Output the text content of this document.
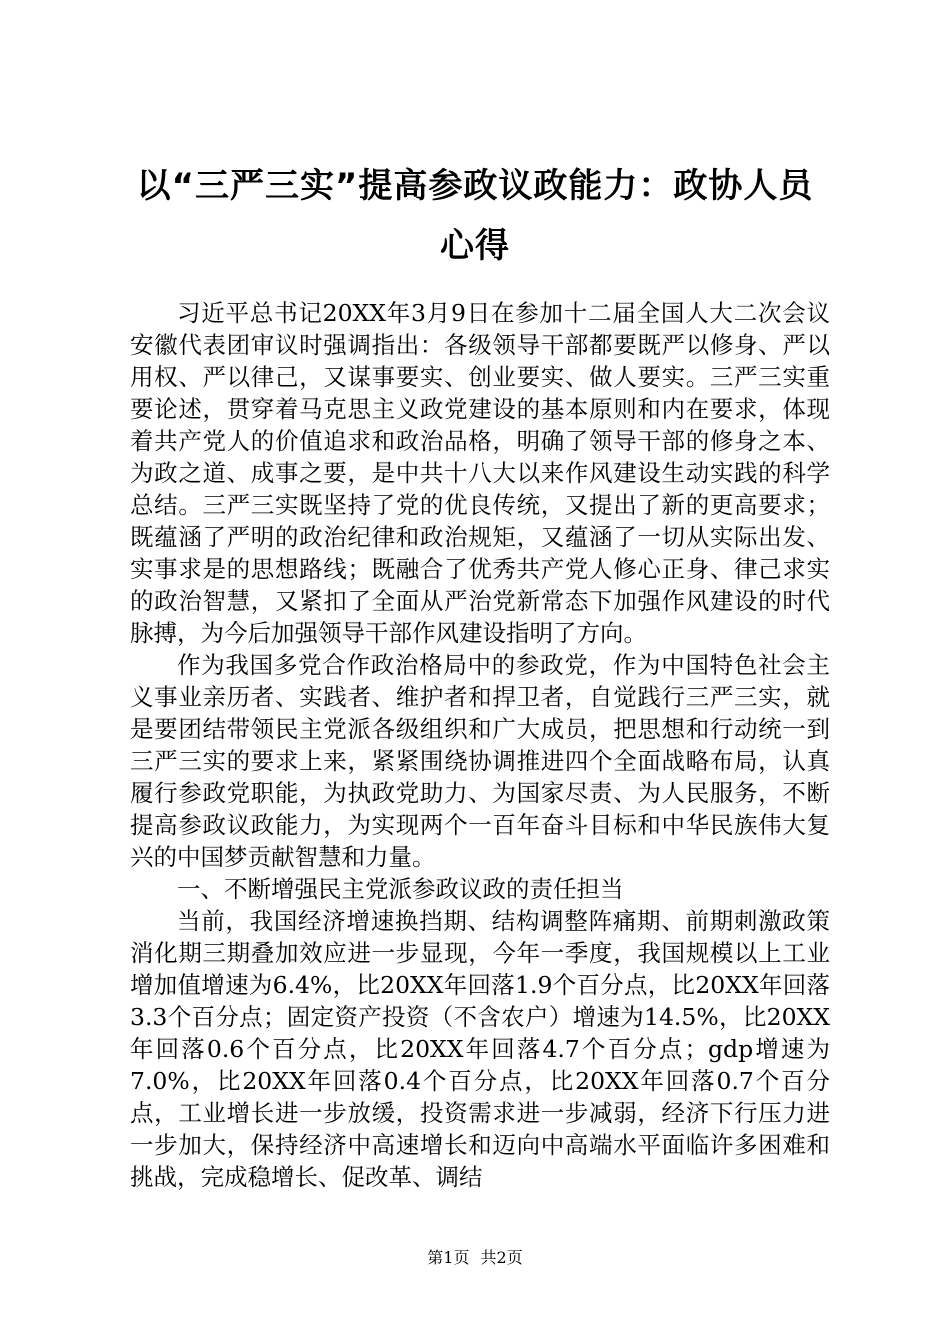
以“三严三实”提高参政议政能力：政协人员心得

习近平总书记20XX年3月9日在参加十二届全国人大二次会议安徽代表团审议时强调指出：各级领导干部都要既严以修身、严以用权、严以律己，又谋事要实、创业要实、做人要实。三严三实重要论述，贯穿着马克思主义政党建设的基本原则和内在要求，体现着共产党人的价值追求和政治品格，明确了领导干部的修身之本、为政之道、成事之要，是中共十八大以来作风建设生动实践的科学总结。三严三实既坚持了党的优良传统，又提出了新的更高要求；既蕴涵了严明的政治纪律和政治规矩，又蕴涵了一切从实际出发、实事求是的思想路线；既融合了优秀共产党人修心正身、律己求实的政治智慧，又紧扣了全面从严治党新常态下加强作风建设的时代脉搏，为今后加强领导干部作风建设指明了方向。

作为我国多党合作政治格局中的参政党，作为中国特色社会主义事业亲历者、实践者、维护者和捍卫者，自觉践行三严三实，就是要团结带领民主党派各级组织和广大成员，把思想和行动统一到三严三实的要求上来，紧紧围绕协调推进四个全面战略布局，认真履行参政党职能，为执政党助力、为国家尽责、为人民服务，不断提高参政议政能力，为实现两个一百年奋斗目标和中华民族伟大复兴的中国梦贡献智慧和力量。

一、不断增强民主党派参政议政的责任担当

当前，我国经济增速换挡期、结构调整阵痛期、前期刺激政策消化期三期叠加效应进一步显现，今年一季度，我国规模以上工业增加值增速为6.4%，比20XX年回落1.9个百分点，比20XX年回落3.3个百分点；固定资产投资（不含农户）增速为14.5%，比20XX年回落0.6个百分点，比20XX年回落4.7个百分点；gdp增速为7.0%，比20XX年回落0.4个百分点，比20XX年回落0.7个百分点，工业增长进一步放缓，投资需求进一步减弱，经济下行压力进一步加大，保持经济中高速增长和迈向中高端水平面临许多困难和挑战，完成稳增长、促改革、调结

第1页 共2页
